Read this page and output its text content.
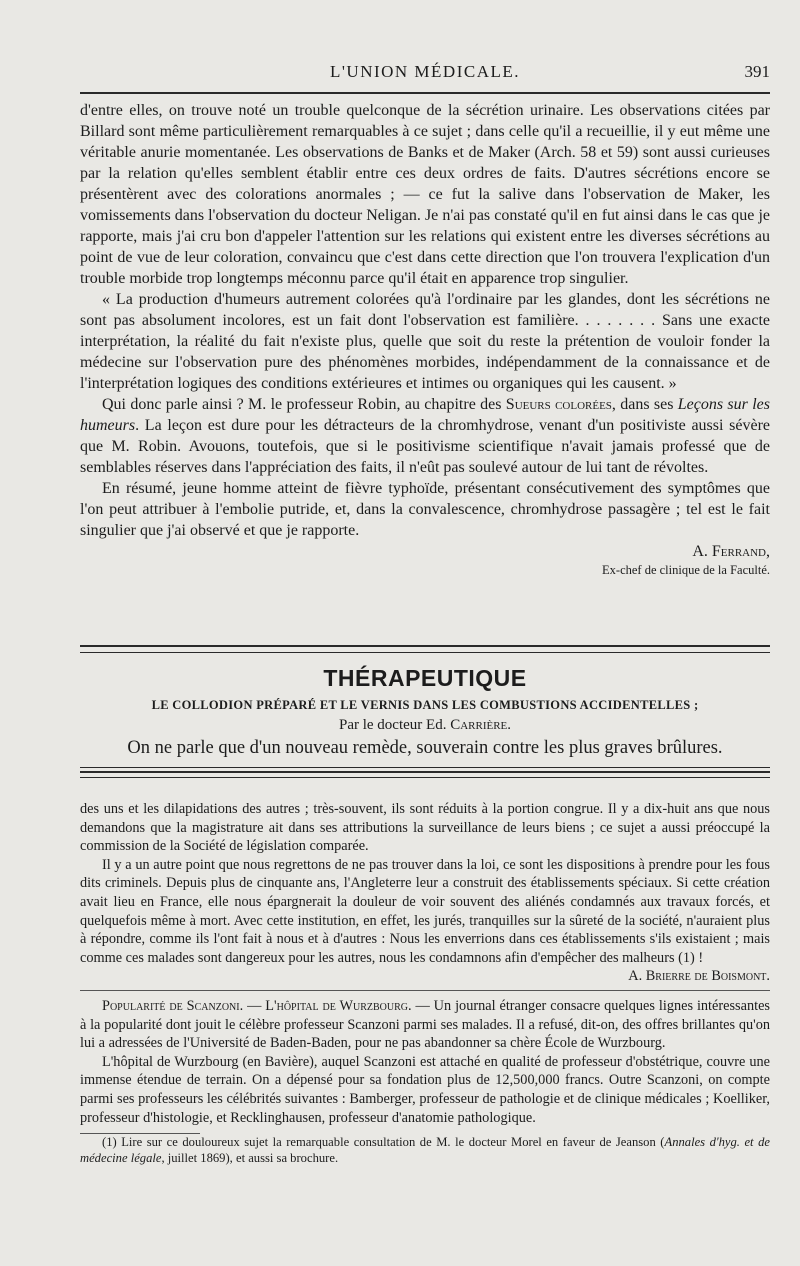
L'UNION MÉDICALE.	391

d'entre elles, on trouve noté un trouble quelconque de la sécrétion urinaire. Les observations citées par Billard sont même particulièrement remarquables à ce sujet ; dans celle qu'il a recueillie, il y eut même une véritable anurie momentanée. Les observations de Banks et de Maker (Arch. 58 et 59) sont aussi curieuses par la relation qu'elles semblent établir entre ces deux ordres de faits. D'autres sécrétions encore se présentèrent avec des colorations anormales ; — ce fut la salive dans l'observation de Maker, les vomissements dans l'observation du docteur Neligan. Je n'ai pas constaté qu'il en fut ainsi dans le cas que je rapporte, mais j'ai cru bon d'appeler l'attention sur les relations qui existent entre les diverses sécrétions au point de vue de leur coloration, convaincu que c'est dans cette direction que l'on trouvera l'explication d'un trouble morbide trop longtemps méconnu parce qu'il était en apparence trop singulier.

« La production d'humeurs autrement colorées qu'à l'ordinaire par les glandes, dont les sécrétions ne sont pas absolument incolores, est un fait dont l'observation est familière. . . . . . . . Sans une exacte interprétation, la réalité du fait n'existe plus, quelle que soit du reste la prétention de vouloir fonder la médecine sur l'observation pure des phénomènes morbides, indépendamment de la connaissance et de l'interprétation logiques des conditions extérieures et intimes ou organiques qui les causent. »

Qui donc parle ainsi ? M. le professeur Robin, au chapitre des Sueurs colorées, dans ses Leçons sur les humeurs. La leçon est dure pour les détracteurs de la chromhydrose, venant d'un positiviste aussi sévère que M. Robin. Avouons, toutefois, que si le positivisme scientifique n'avait jamais professé que de semblables réserves dans l'appréciation des faits, il n'eût pas soulevé autour de lui tant de révoltes.

En résumé, jeune homme atteint de fièvre typhoïde, présentant consécutivement des symptômes que l'on peut attribuer à l'embolie putride, et, dans la convalescence, chromhydrose passagère ; tel est le fait singulier que j'ai observé et que je rapporte.

A. Ferrand,

Ex-chef de clinique de la Faculté.

THÉRAPEUTIQUE
LE COLLODION PRÉPARÉ ET LE VERNIS DANS LES COMBUSTIONS ACCIDENTELLES ;
Par le docteur Ed. Carrière.
On ne parle que d'un nouveau remède, souverain contre les plus graves brûlures.

des uns et les dilapidations des autres ; très-souvent, ils sont réduits à la portion congrue. Il y a dix-huit ans que nous demandons que la magistrature ait dans ses attributions la surveillance de leurs biens ; ce sujet a aussi préoccupé la commission de la Société de législation comparée.

Il y a un autre point que nous regrettons de ne pas trouver dans la loi, ce sont les dispositions à prendre pour les fous dits criminels. Depuis plus de cinquante ans, l'Angleterre leur a construit des établissements spéciaux. Si cette création avait lieu en France, elle nous épargnerait la douleur de voir souvent des aliénés condamnés aux travaux forcés, et quelquefois même à mort. Avec cette institution, en effet, les jurés, tranquilles sur la sûreté de la société, n'auraient plus à répondre, comme ils l'ont fait à nous et à d'autres : Nous les enverrions dans ces établissements s'ils existaient ; mais comme ces malades sont dangereux pour les autres, nous les condamnons afin d'empêcher des malheurs (1) !

A. Brierre de Boismont.

Popularité de Scanzoni. — L'hôpital de Wurzbourg. — Un journal étranger consacre quelques lignes intéressantes à la popularité dont jouit le célèbre professeur Scanzoni parmi ses malades. Il a refusé, dit-on, des offres brillantes qu'on lui a adressées de l'Université de Baden-Baden, pour ne pas abandonner sa chère École de Wurzbourg.

L'hôpital de Wurzbourg (en Bavière), auquel Scanzoni est attaché en qualité de professeur d'obstétrique, couvre une immense étendue de terrain. On a dépensé pour sa fondation plus de 12,500,000 francs. Outre Scanzoni, on compte parmi ses professeurs les célébrités suivantes : Bamberger, professeur de pathologie et de clinique médicales ; Koelliker, professeur d'histologie, et Recklinghausen, professeur d'anatomie pathologique.

(1) Lire sur ce douloureux sujet la remarquable consultation de M. le docteur Morel en faveur de Jeanson (Annales d'hyg. et de médecine légale, juillet 1869), et aussi sa brochure.
